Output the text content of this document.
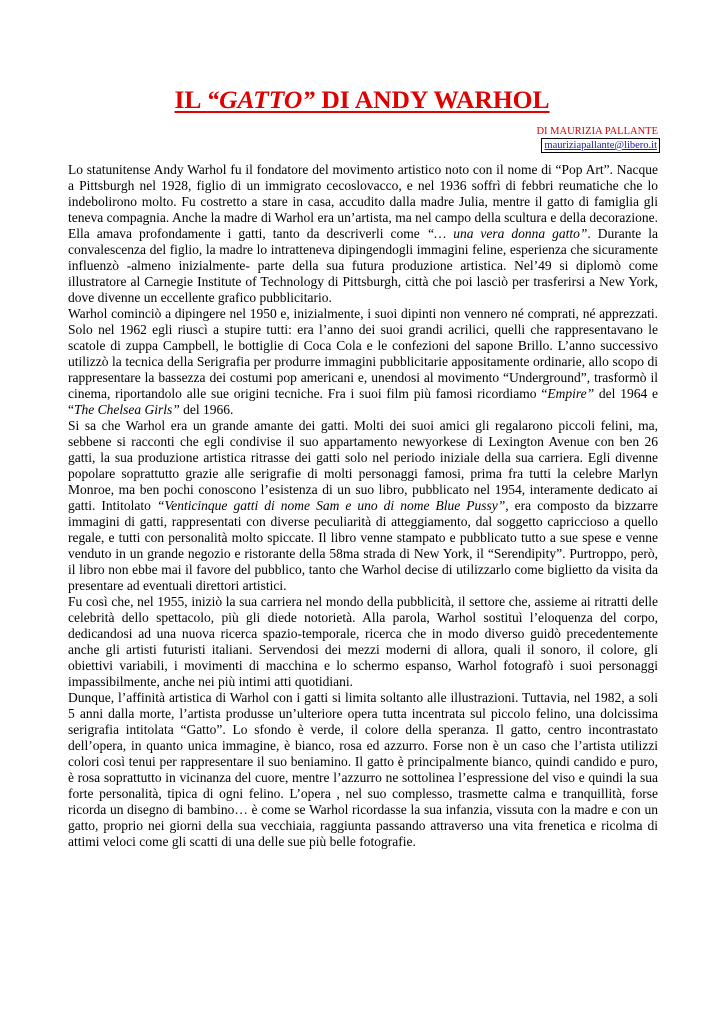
IL “GATTO” DI ANDY WARHOL
DI MAURIZIA PALLANTE
mauriziapallante@libero.it

Lo statunitense Andy Warhol fu il fondatore del movimento artistico noto con il nome di “Pop Art”. Nacque a Pittsburgh nel 1928, figlio di un immigrato cecoslovacco, e nel 1936 soffrì di febbri reumatiche che lo indebolirono molto. Fu costretto a stare in casa, accudito dalla madre Julia, mentre il gatto di famiglia gli teneva compagnia. Anche la madre di Warhol era un’artista, ma nel campo della scultura e della decorazione. Ella amava profondamente i gatti, tanto da descriverli come “… una vera donna gatto”. Durante la convalescenza del figlio, la madre lo intratteneva dipingendogli immagini feline, esperienza che sicuramente influenzò -almeno inizialmente- parte della sua futura produzione artistica. Nel’49 si diplomò come illustratore al Carnegie Institute of Technology di Pittsburgh, città che poi lasciò per trasferirsi a New York, dove divenne un eccellente grafico pubblicitario.

Warhol cominciò a dipingere nel 1950 e, inizialmente, i suoi dipinti non vennero né comprati, né apprezzati. Solo nel 1962 egli riuscì a stupire tutti: era l’anno dei suoi grandi acrilici, quelli che rappresentavano le scatole di zuppa Campbell, le bottiglie di Coca Cola e le confezioni del sapone Brillo. L’anno successivo utilizzò la tecnica della Serigrafia per produrre immagini pubblicitarie appositamente ordinarie, allo scopo di rappresentare la bassezza dei costumi pop americani e, unendosi al movimento “Underground”, trasformò il cinema, riportandolo alle sue origini tecniche. Fra i suoi film più famosi ricordiamo “Empire” del 1964 e “The Chelsea Girls” del 1966.

Si sa che Warhol era un grande amante dei gatti. Molti dei suoi amici gli regalarono piccoli felini, ma, sebbene si racconti che egli condivise il suo appartamento newyorkese di Lexington Avenue con ben 26 gatti, la sua produzione artistica ritrasse dei gatti solo nel periodo iniziale della sua carriera. Egli divenne popolare soprattutto grazie alle serigrafie di molti personaggi famosi, prima fra tutti la celebre Marlyn Monroe, ma ben pochi conoscono l’esistenza di un suo libro, pubblicato nel 1954, interamente dedicato ai gatti. Intitolato “Venticinque gatti di nome Sam e uno di nome Blue Pussy”, era composto da bizzarre immagini di gatti, rappresentati con diverse peculiarità di atteggiamento, dal soggetto capriccioso a quello regale, e tutti con personalità molto spiccate. Il libro venne stampato e pubblicato tutto a sue spese e venne venduto in un grande negozio e ristorante della 58ma strada di New York, il “Serendipity”. Purtroppo, però, il libro non ebbe mai il favore del pubblico, tanto che Warhol decise di utilizzarlo come biglietto da visita da presentare ad eventuali direttori artistici.

Fu così che, nel 1955, iniziò la sua carriera nel mondo della pubblicità, il settore che, assieme ai ritratti delle celebrità dello spettacolo, più gli diede notorietà. Alla parola, Warhol sostituì l’eloquenza del corpo, dedicandosi ad una nuova ricerca spazio-temporale, ricerca che in modo diverso guidò precedentemente anche gli artisti futuristi italiani. Servendosi dei mezzi moderni di allora, quali il sonoro, il colore, gli obiettivi variabili, i movimenti di macchina e lo schermo espanso, Warhol fotografò i suoi personaggi impassibilmente, anche nei più intimi atti quotidiani.

Dunque, l’affinità artistica di Warhol con i gatti si limita soltanto alle illustrazioni. Tuttavia, nel 1982, a soli 5 anni dalla morte, l’artista produsse un’ulteriore opera tutta incentrata sul piccolo felino, una dolcissima serigrafia intitolata “Gatto”. Lo sfondo è verde, il colore della speranza. Il gatto, centro incontrastato dell’opera, in quanto unica immagine, è bianco, rosa ed azzurro. Forse non è un caso che l’artista utilizzi colori così tenui per rappresentare il suo beniamino. Il gatto è principalmente bianco, quindi candido e puro, è rosa soprattutto in vicinanza del cuore, mentre l’azzurro ne sottolinea l’espressione del viso e quindi la sua forte personalità, tipica di ogni felino. L’opera , nel suo complesso, trasmette calma e tranquillità, forse ricorda un disegno di bambino… è come se Warhol ricordasse la sua infanzia, vissuta con la madre e con un gatto, proprio nei giorni della sua vecchiaia, raggiunta passando attraverso una vita frenetica e ricolma di attimi veloci come gli scatti di una delle sue più belle fotografie.
